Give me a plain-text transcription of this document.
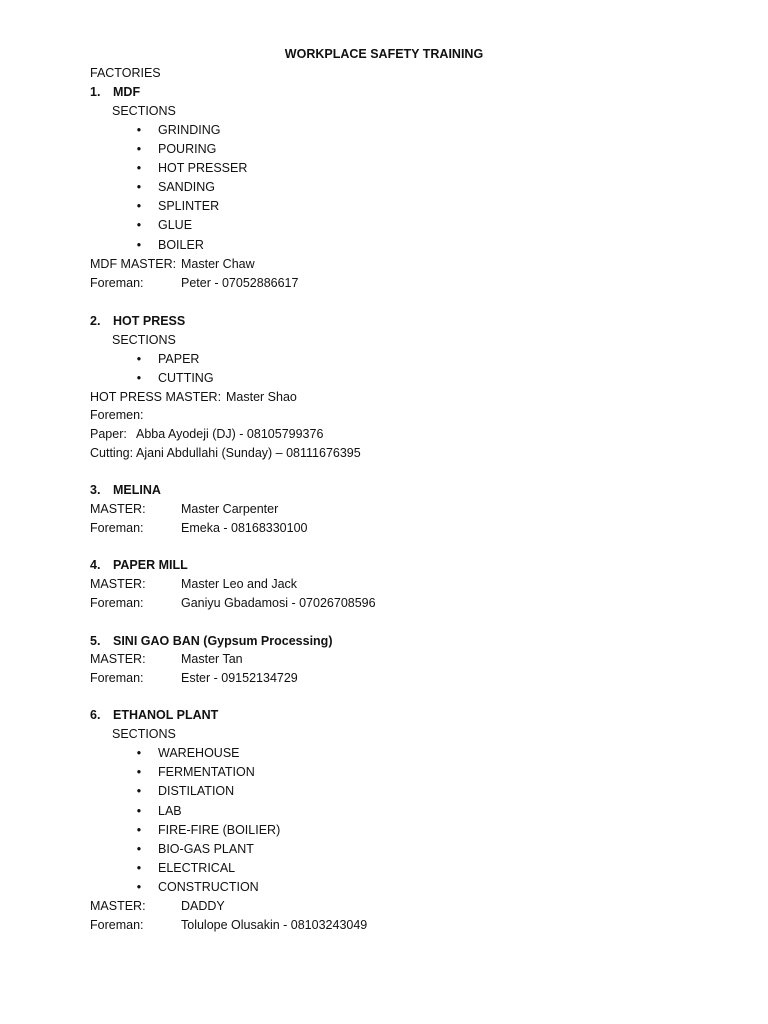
WORKPLACE SAFETY TRAINING
FACTORIES
1. MDF
SECTIONS
• GRINDING
• POURING
• HOT PRESSER
• SANDING
• SPLINTER
• GLUE
• BOILER
MDF MASTER: Master Chaw
Foreman:	Peter - 07052886617
2. HOT PRESS
SECTIONS
• PAPER
• CUTTING
HOT PRESS MASTER: Master Shao
Foremen:
Paper: Abba Ayodeji (DJ) - 08105799376
Cutting: Ajani Abdullahi (Sunday) – 08111676395
3. MELINA
MASTER:	Master Carpenter
Foreman:	Emeka - 08168330100
4. PAPER MILL
MASTER:	Master Leo and Jack
Foreman:	Ganiyu Gbadamosi - 07026708596
5. SINI GAO BAN (Gypsum Processing)
MASTER:	Master Tan
Foreman:	Ester - 09152134729
6. ETHANOL PLANT
SECTIONS
• WAREHOUSE
• FERMENTATION
• DISTILATION
• LAB
• FIRE-FIRE (BOILIER)
• BIO-GAS PLANT
• ELECTRICAL
• CONSTRUCTION
MASTER:	DADDY
Foreman:	Tolulope Olusakin - 08103243049
